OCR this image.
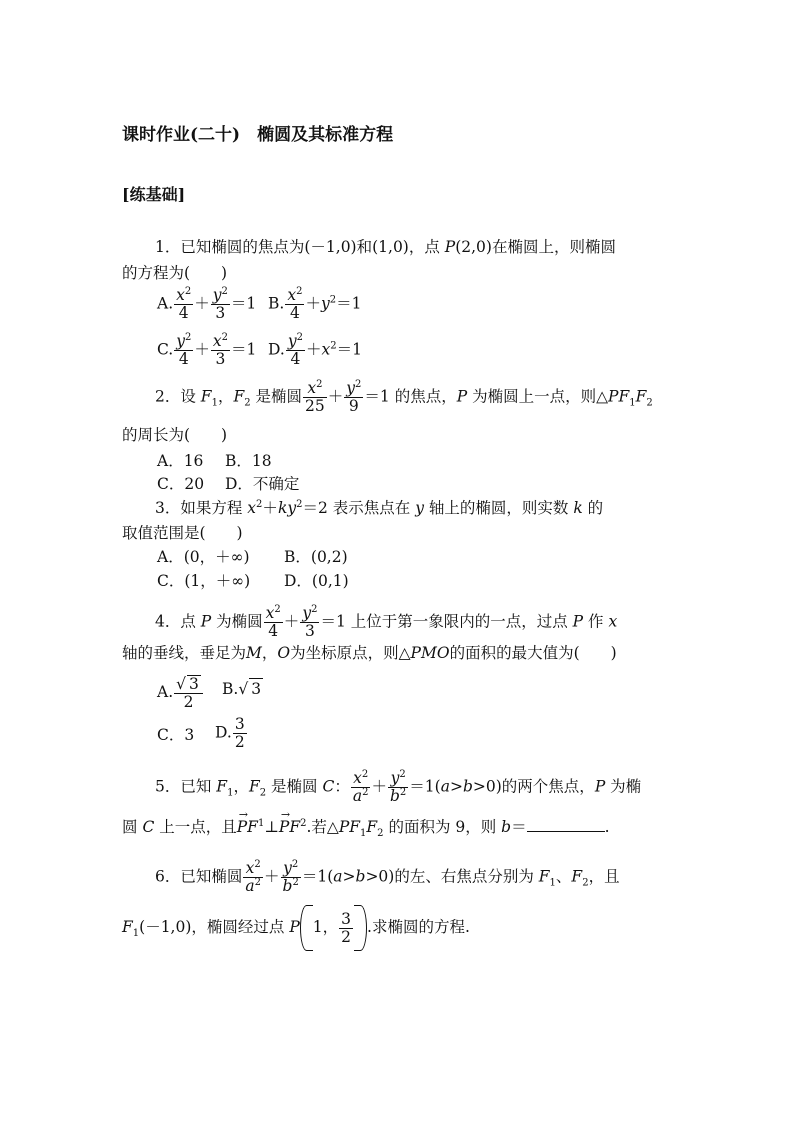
课时作业(二十)　椭圆及其标准方程
[练基础]
1．已知椭圆的焦点为(－1,0)和(1,0)，点 P(2,0)在椭圆上，则椭圆
的方程为(　　)
A. $\frac{x^2}{4} + \frac{y^2}{3} =1$ B. $\frac{x^2}{4} +y^2=1$
C. $\frac{y^2}{4} + \frac{x^2}{3} =1$ D. $\frac{y^2}{4} +x^2=1$
2．设 $F_1$，$F_2$ 是椭圆 $\frac{x^2}{25} + \frac{y^2}{9} =1$ 的焦点，P 为椭圆上一点，则$\triangle PF_1F_2$
的周长为(　　)
A．16 B．18
C．20 D．不确定
3．如果方程 $x^2+ky^2=2$ 表示焦点在 y 轴上的椭圆，则实数 k 的
取值范围是(　　)
A．(0，＋∞) B．(0,2)
C．(1，＋∞) D．(0,1)
4．点 P 为椭圆 $\frac{x^2}{4} + \frac{y^2}{3} =1$ 上位于第一象限内的一点，过点 P 作 x
轴的垂线，垂足为M，O为坐标原点，则△PMO的面积的最大值为(　　)
A. $\frac{√ 3}{2} B.√$ 3
C．3 D. $\frac{3}{2}$
5．已知 $F_1$，$F_2$ 是椭圆 C： $\frac{x^2}{a^2} + \frac{y^2}{b^2} =1(a>b>0)$的两个焦点，P 为椭
圆 C 上一点，且→ $PF^1\perp\to PF^2$.若$\triangle PF_1F_2$ 的面积为 9，则 b＝	.
6．已知椭圆 $\frac{x^2}{a^2} + \frac{y^2}{b^2} =1(a>b>0)$的左、右焦点分别为 $F_1$、$F_2$，且
$F_1(-1,0)$，椭圆经过点 P 1， $\frac{3}{2}$ .求椭圆的方程.
